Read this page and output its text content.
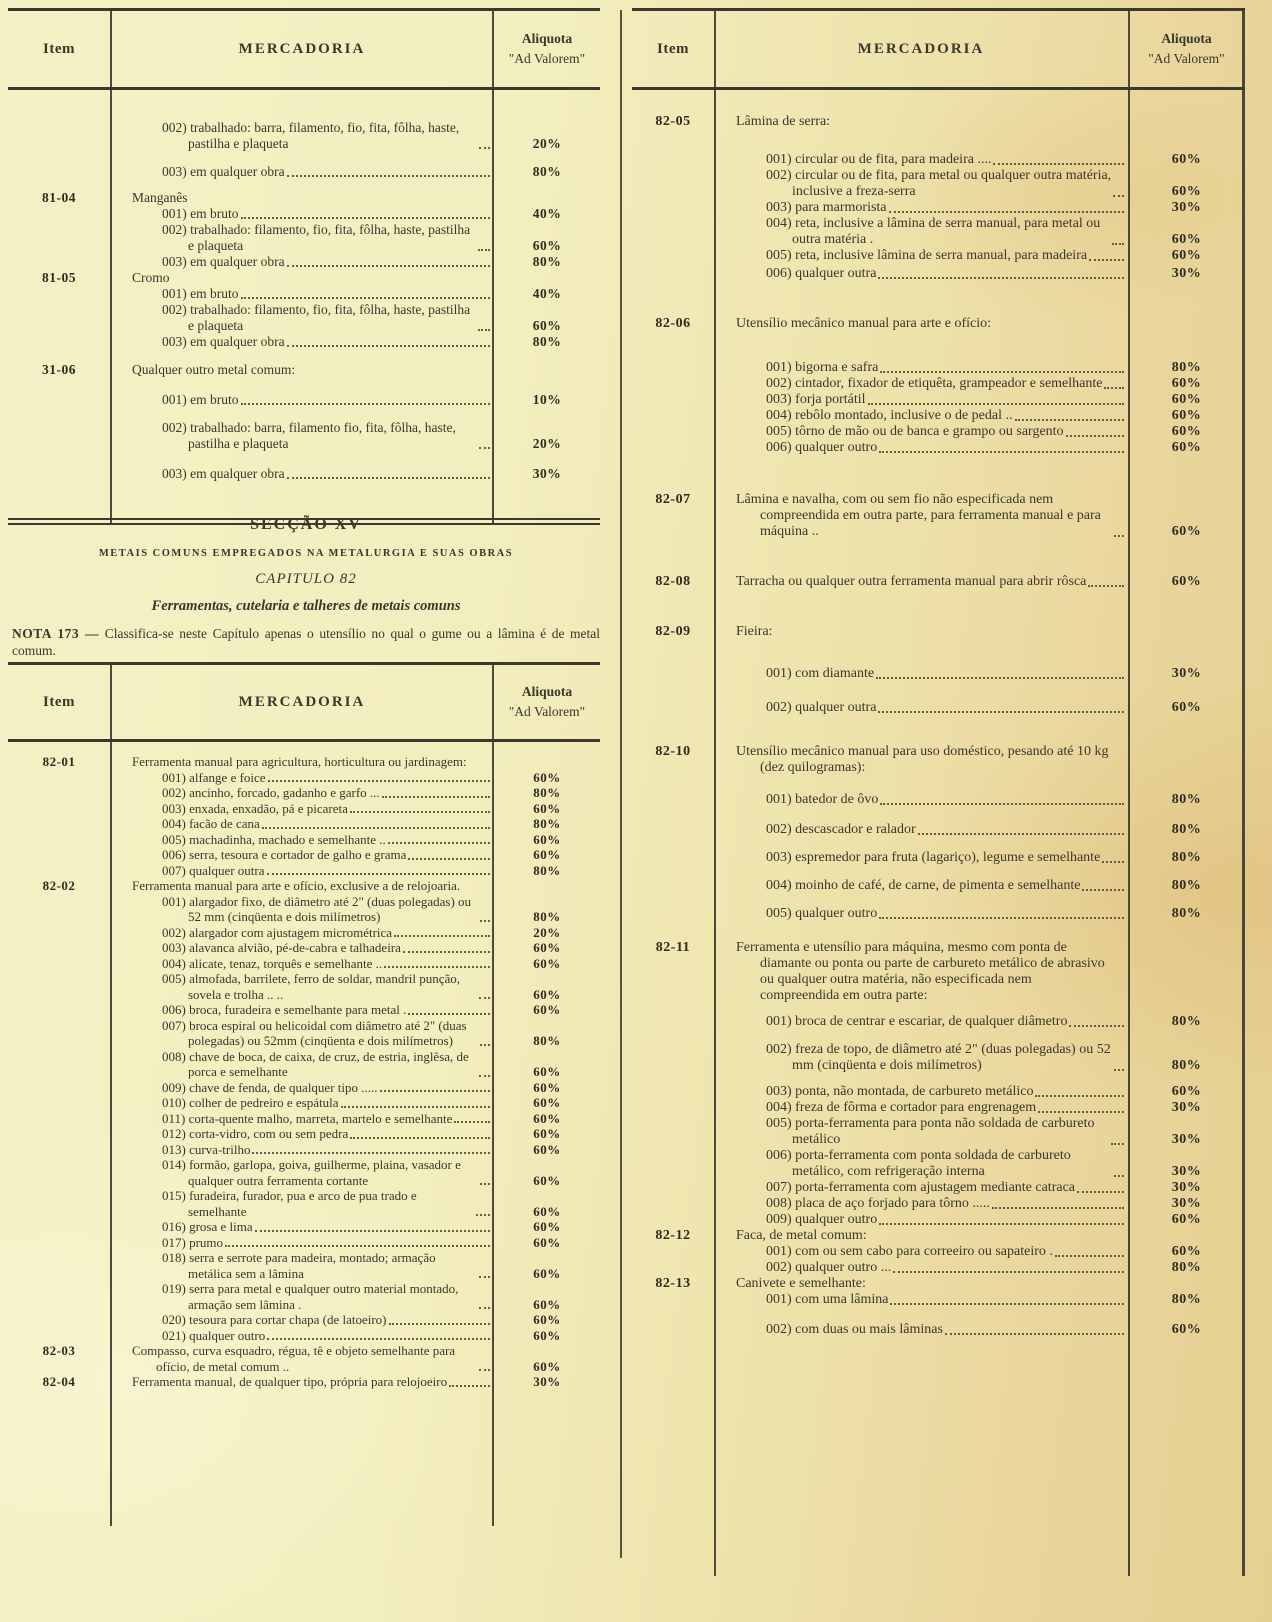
Item	MERCADORIA
Aliquota
"Ad Valorem"
002) trabalhado: barra, filamento, fio, fita, fôlha, haste, pastilha e plaqueta	20%
003) em qualquer obra	80%
81-04	Manganês
001) em bruto	40%
002) trabalhado: filamento, fio, fita, fôlha, haste, pastilha e plaqueta	60%
003) em qualquer obra	80%
81-05	Cromo
001) em bruto	40%
002) trabalhado: filamento, fio, fita, fôlha, haste, pastilha e plaqueta	60%
003) em qualquer obra	80%
31-06	Qualquer outro metal comum:
001) em bruto	10%
002) trabalhado: barra, filamento fio, fita, fôlha, haste, pastilha e plaqueta	20%
003) em qualquer obra	30%
SECÇÃO XV
METAIS COMUNS EMPREGADOS NA METALURGIA E SUAS OBRAS
CAPITULO 82
Ferramentas, cutelaria e talheres de metais comuns
NOTA 173 — Classifica-se neste Capítulo apenas o utensílio no qual o gume ou a lâmina é de metal comum.
Item	MERCADORIA
Aliquota
"Ad Valorem"
82-01	Ferramenta manual para agricultura, horticultura ou jardinagem:
001) alfange e foice	60%
002) ancinho, forcado, gadanho e garfo ...	80%
003) enxada, enxadão, pá e picareta	60%
004) facão de cana	80%
005) machadinha, machado e semelhante ..	60%
006) serra, tesoura e cortador de galho e grama	60%
007) qualquer outra	80%
82-02	Ferramenta manual para arte e ofício, exclusive a de relojoaria.
001) alargador fixo, de diâmetro até 2" (duas polegadas) ou 52 mm (cinqüenta e dois milímetros)	80%
002) alargador com ajustagem micrométrica	20%
003) alavanca alvião, pé-de-cabra e talhadeira	60%
004) alicate, tenaz, torquês e semelhante ..	60%
005) almofada, barrilete, ferro de soldar, mandril punção, sovela e trolha .. ..	60%
006) broca, furadeira e semelhante para metal .	60%
007) broca espiral ou helicoidal com diâmetro até 2" (duas polegadas) ou 52mm (cinqüenta e dois milímetros)	80%
008) chave de boca, de caixa, de cruz, de estria, inglêsa, de porca e semelhante	60%
009) chave de fenda, de qualquer tipo .....	60%
010) colher de pedreiro e espátula	60%
011) corta-quente malho, marreta, martelo e semelhante	60%
012) corta-vidro, com ou sem pedra	60%
013) curva-trilho	60%
014) formão, garlopa, goiva, guilherme, plaina, vasador e qualquer outra ferramenta cortante	60%
015) furadeira, furador, pua e arco de pua trado e semelhante	60%
016) grosa e lima	60%
017) prumo	60%
018) serra e serrote para madeira, montado; armação metálica sem a lâmina	60%
019) serra para metal e qualquer outro material montado, armação sem lâmina .	60%
020) tesoura para cortar chapa (de latoeiro)	60%
021) qualquer outro	60%
82-03	Compasso, curva esquadro, régua, tê e objeto semelhante para ofício, de metal comum ..	60%
82-04	Ferramenta manual, de qualquer tipo, própria para relojoeiro	30%
Item	MERCADORIA
Aliquota
"Ad Valorem"
82-05	Lâmina de serra:
001) circular ou de fita, para madeira ....	60%
002) circular ou de fita, para metal ou qualquer outra matéria, inclusive a freza-serra	60%
003) para marmorista	30%
004) reta, inclusive a lâmina de serra manual, para metal ou outra matéria .	60%
005) reta, inclusive lâmina de serra manual, para madeira	60%
006) qualquer outra	30%
82-06	Utensílio mecânico manual para arte e ofício:
001) bigorna e safra	80%
002) cintador, fixador de etiquêta, grampeador e semelhante	60%
003) forja portátil	60%
004) rebôlo montado, inclusive o de pedal ..	60%
005) tôrno de mão ou de banca e grampo ou sargento	60%
006) qualquer outro	60%
82-07	Lâmina e navalha, com ou sem fio não especificada nem compreendida em outra parte, para ferramenta manual e para máquina ..	60%
82-08	Tarracha ou qualquer outra ferramenta manual para abrir rôsca	60%
82-09	Fieira:
001) com diamante	30%
002) qualquer outra	60%
82-10	Utensílio mecânico manual para uso doméstico, pesando até 10 kg (dez quilogramas):
001) batedor de ôvo	80%
002) descascador e ralador	80%
003) espremedor para fruta (lagariço), legume e semelhante	80%
004) moinho de café, de carne, de pimenta e semelhante	80%
005) qualquer outro	80%
82-11	Ferramenta e utensílio para máquina, mesmo com ponta de diamante ou ponta ou parte de carbureto metálico de abrasivo ou qualquer outra matéria, não especificada nem compreendida em outra parte:
001) broca de centrar e escariar, de qualquer diâmetro	80%
002) freza de topo, de diâmetro até 2" (duas polegadas) ou 52 mm (cinqüenta e dois milímetros)	80%
003) ponta, não montada, de carbureto metálico	60%
004) freza de fôrma e cortador para engrenagem	30%
005) porta-ferramenta para ponta não soldada de carbureto metálico	30%
006) porta-ferramenta com ponta soldada de carbureto metálico, com refrigeração interna	30%
007) porta-ferramenta com ajustagem mediante catraca	30%
008) placa de aço forjado para tôrno .....	30%
009) qualquer outro	60%
82-12	Faca, de metal comum:
001) com ou sem cabo para correeiro ou sapateiro .	60%
002) qualquer outro ...	80%
82-13	Canivete e semelhante:
001) com uma lâmina	80%
002) com duas ou mais lâminas	60%
